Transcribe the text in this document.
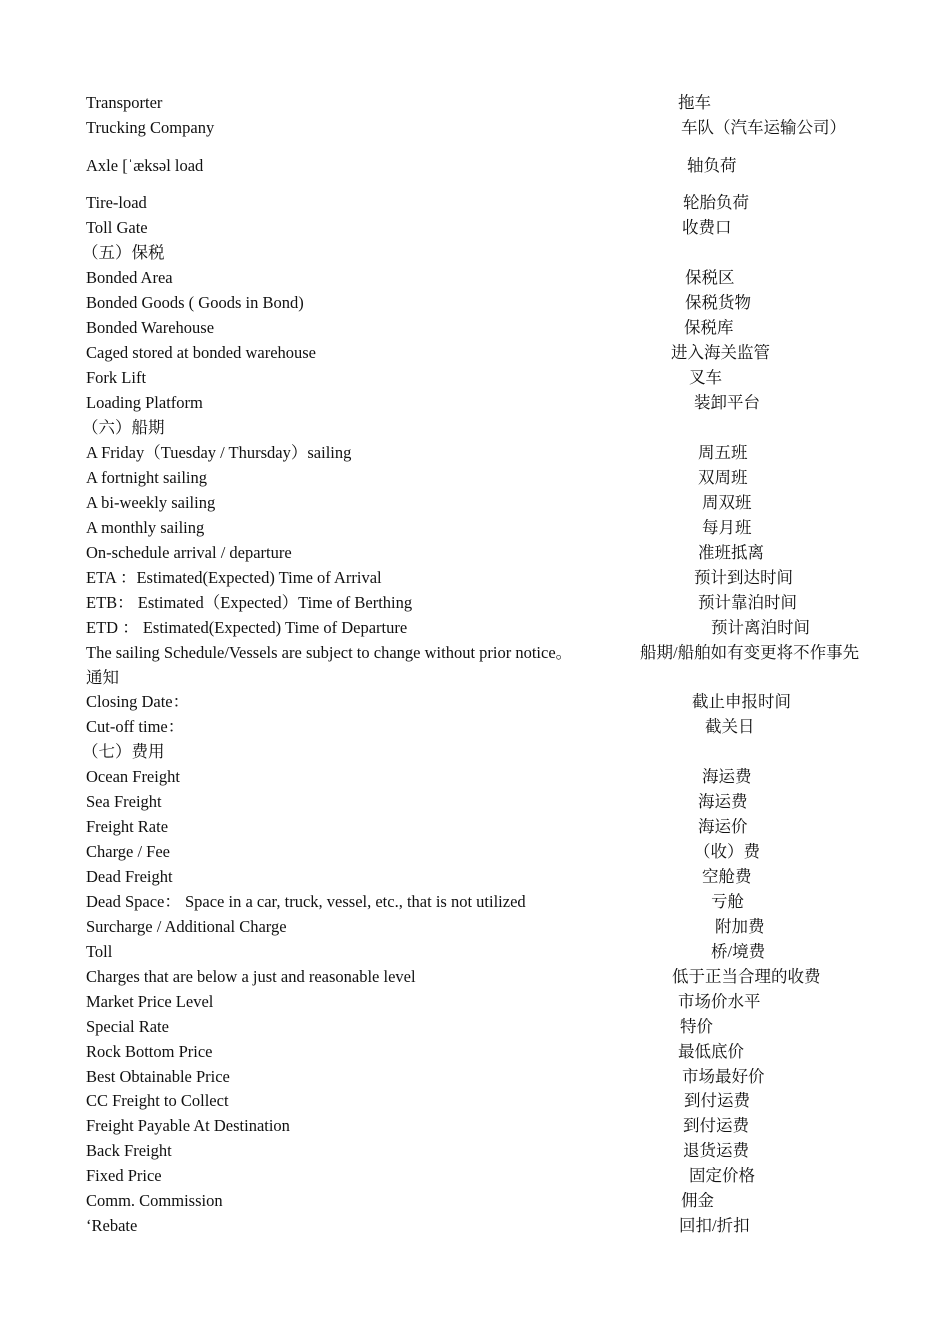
Transporter	拖车
Trucking Company	车队（汽车运输公司）
Axle [ˈæksəl load	轴负荷
Tire-load	轮胎负荷
Toll Gate	收费口
（五）保税
Bonded Area	保税区
Bonded Goods ( Goods in Bond)	保税货物
Bonded Warehouse	保税库
Caged stored at bonded warehouse	进入海关监管
Fork Lift	叉车
Loading Platform	装卸平台
（六）船期
A Friday（Tuesday / Thursday）sailing	周五班
A fortnight sailing	双周班
A bi-weekly sailing	周双班
A monthly sailing	每月班
On-schedule arrival / departure	准班抵离
ETA ：Estimated(Expected) Time of Arrival	预计到达时间
ETB： Estimated（Expected）Time of Berthing	预计靠泊时间
ETD ： Estimated(Expected) Time of Departure	预计离泊时间
The sailing Schedule/Vessels are subject to change without prior notice。	船期/船舶如有变更将不作事先
通知
Closing Date：	截止申报时间
Cut-off time：	截关日
（七）费用
Ocean Freight	海运费
Sea Freight	海运费
Freight Rate	海运价
Charge / Fee	（收）费
Dead Freight	空舱费
Dead Space： Space in a car, truck, vessel, etc., that is not utilized	亏舱
Surcharge / Additional Charge	附加费
Toll	桥/境费
Charges that are below a just and reasonable level	低于正当合理的收费
Market Price Level	市场价水平
Special Rate	特价
Rock Bottom Price	最低底价
Best Obtainable Price	市场最好价
CC Freight to Collect	到付运费
Freight Payable At Destination	到付运费
Back Freight	退货运费
Fixed Price	固定价格
Comm. Commission	佣金
‘Rebate	回扣/折扣
